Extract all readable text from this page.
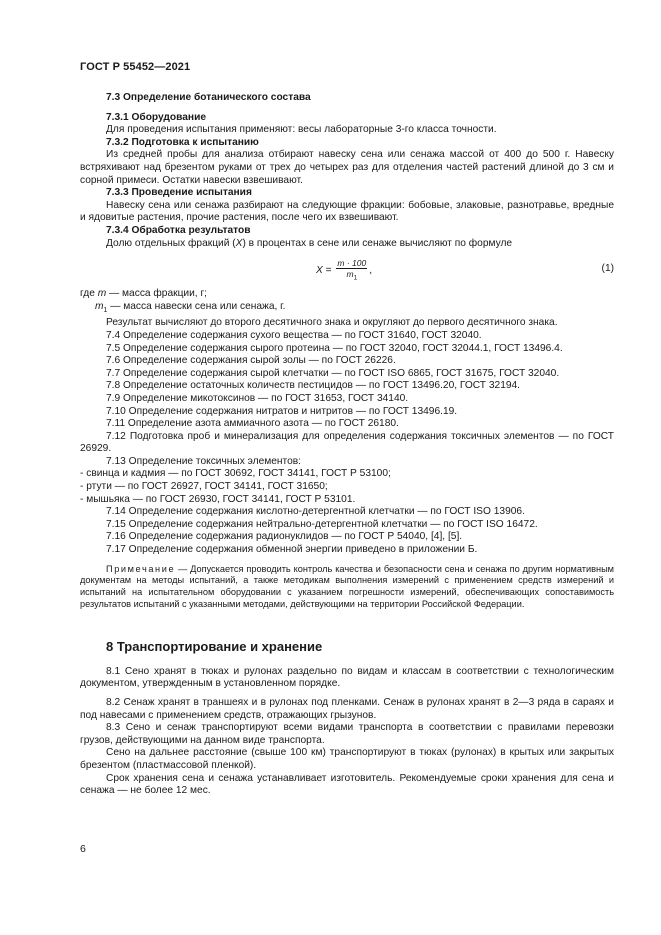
ГОСТ Р 55452—2021

7.3 Определение ботанического состава

7.3.1 Оборудование

Для проведения испытания применяют: весы лабораторные 3-го класса точности.

7.3.2 Подготовка к испытанию

Из средней пробы для анализа отбирают навеску сена или сенажа массой от 400 до 500 г. Навеску встряхивают над брезентом руками от трех до четырех раз для отделения частей растений длиной до 3 см и сорной примеси. Остатки навески взвешивают.

7.3.3 Проведение испытания

Навеску сена или сенажа разбирают на следующие фракции: бобовые, злаковые, разнотравье, вредные и ядовитые растения, прочие растения, после чего их взвешивают.

7.3.4 Обработка результатов

Долю отдельных фракций (X) в процентах в сене или сенаже вычисляют по формуле

$X = \frac{m \cdot 100}{m_1}$ ,	(1)

где m — масса фракции, г;

$m_1$ — масса навески сена или сенажа, г.

Результат вычисляют до второго десятичного знака и округляют до первого десятичного знака.

7.4 Определение содержания сухого вещества — по ГОСТ 31640, ГОСТ 32040.

7.5 Определение содержания сырого протеина — по ГОСТ 32040, ГОСТ 32044.1, ГОСТ 13496.4.

7.6 Определение содержания сырой золы — по ГОСТ 26226.

7.7 Определение содержания сырой клетчатки — по ГОСТ ISO 6865, ГОСТ 31675, ГОСТ 32040.

7.8 Определение остаточных количеств пестицидов — по ГОСТ 13496.20, ГОСТ 32194.

7.9 Определение микотоксинов — по ГОСТ 31653, ГОСТ 34140.

7.10 Определение содержания нитратов и нитритов — по ГОСТ 13496.19.

7.11 Определение азота аммиачного азота — по ГОСТ 26180.

7.12 Подготовка проб и минерализация для определения содержания токсичных элементов — по ГОСТ 26929.

7.13 Определение токсичных элементов:

- свинца и кадмия — по ГОСТ 30692, ГОСТ 34141, ГОСТ Р 53100;

- ртути — по ГОСТ 26927, ГОСТ 34141, ГОСТ 31650;

- мышьяка — по ГОСТ 26930, ГОСТ 34141, ГОСТ Р 53101.

7.14 Определение содержания кислотно-детергентной клетчатки — по ГОСТ ISO 13906.

7.15 Определение содержания нейтрально-детергентной клетчатки — по ГОСТ ISO 16472.

7.16 Определение содержания радионуклидов — по ГОСТ Р 54040, [4], [5].

7.17 Определение содержания обменной энергии приведено в приложении Б.

Примечание — Допускается проводить контроль качества и безопасности сена и сенажа по другим нормативным документам на методы испытаний, а также методикам выполнения измерений с применением средств измерений и испытаний на испытательном оборудовании с указанием погрешности измерений, обеспечивающих сопоставимость результатов испытаний с указанными методами, действующими на территории Российской Федерации.

8 Транспортирование и хранение

8.1 Сено хранят в тюках и рулонах раздельно по видам и классам в соответствии с технологическим документом, утвержденным в установленном порядке.

8.2 Сенаж хранят в траншеях и в рулонах под пленками. Сенаж в рулонах хранят в 2—3 ряда в сараях и под навесами с применением средств, отражающих грызунов.

8.3 Сено и сенаж транспортируют всеми видами транспорта в соответствии с правилами перевозки грузов, действующими на данном виде транспорта.

Сено на дальнее расстояние (свыше 100 км) транспортируют в тюках (рулонах) в крытых или закрытых брезентом (пластмассовой пленкой).

Срок хранения сена и сенажа устанавливает изготовитель. Рекомендуемые сроки хранения для сена и сенажа — не более 12 мес.

6
